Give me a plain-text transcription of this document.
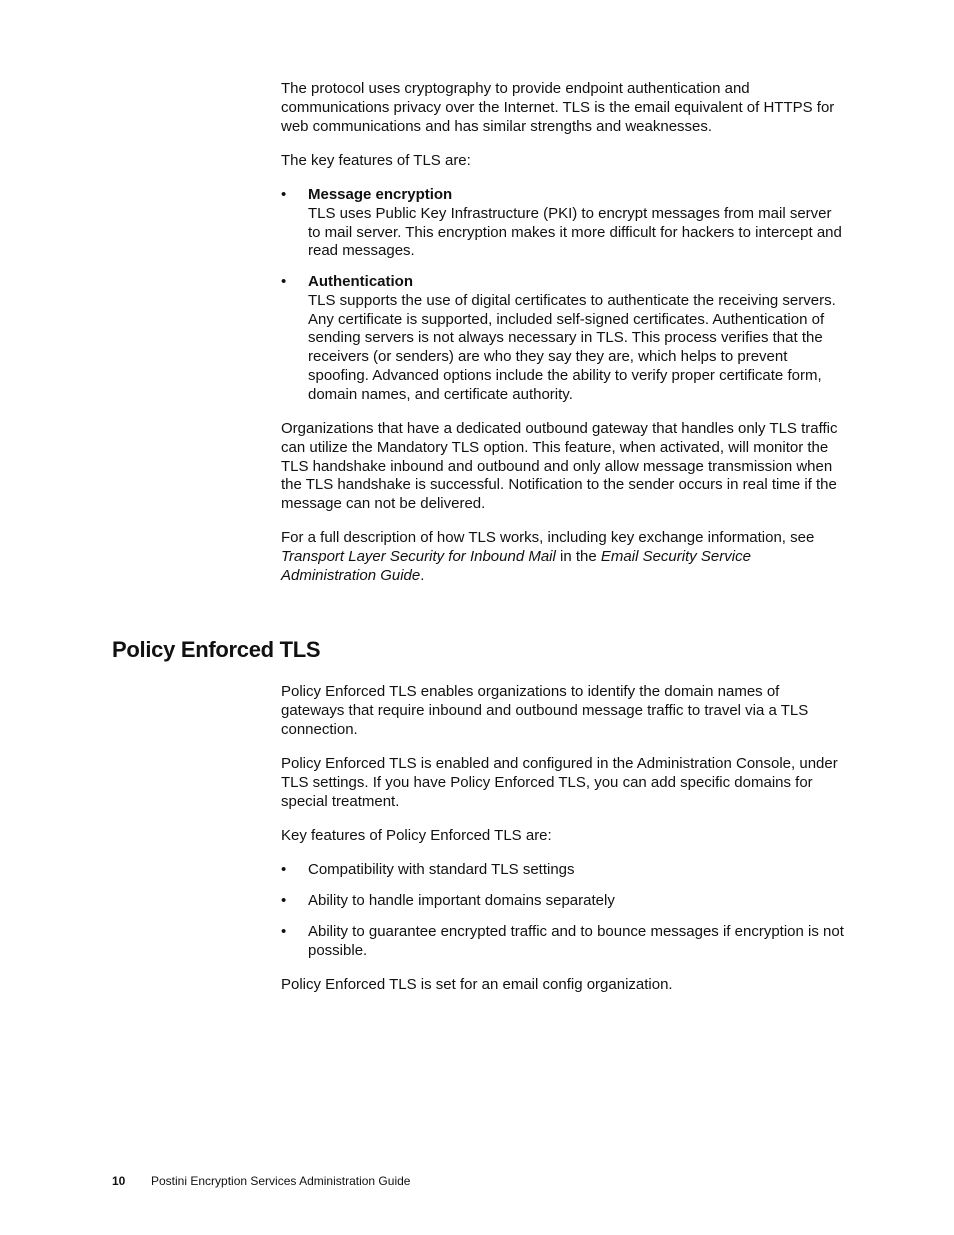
The protocol uses cryptography to provide endpoint authentication and communications privacy over the Internet. TLS is the email equivalent of HTTPS for web communications and has similar strengths and weaknesses.

The key features of TLS are:

• Message encryption
TLS uses Public Key Infrastructure (PKI) to encrypt messages from mail server to mail server. This encryption makes it more difficult for hackers to intercept and read messages.
• Authentication
TLS supports the use of digital certificates to authenticate the receiving servers. Any certificate is supported, included self-signed certificates. Authentication of sending servers is not always necessary in TLS. This process verifies that the receivers (or senders) are who they say they are, which helps to prevent spoofing. Advanced options include the ability to verify proper certificate form, domain names, and certificate authority.

Organizations that have a dedicated outbound gateway that handles only TLS traffic can utilize the Mandatory TLS option. This feature, when activated, will monitor the TLS handshake inbound and outbound and only allow message transmission when the TLS handshake is successful. Notification to the sender occurs in real time if the message can not be delivered.

For a full description of how TLS works, including key exchange information, see Transport Layer Security for Inbound Mail in the Email Security Service Administration Guide.

Policy Enforced TLS

Policy Enforced TLS enables organizations to identify the domain names of gateways that require inbound and outbound message traffic to travel via a TLS connection.

Policy Enforced TLS is enabled and configured in the Administration Console, under TLS settings. If you have Policy Enforced TLS, you can add specific domains for special treatment.

Key features of Policy Enforced TLS are:

• Compatibility with standard TLS settings
• Ability to handle important domains separately
• Ability to guarantee encrypted traffic and to bounce messages if encryption is not possible.

Policy Enforced TLS is set for an email config organization.

10 Postini Encryption Services Administration Guide
